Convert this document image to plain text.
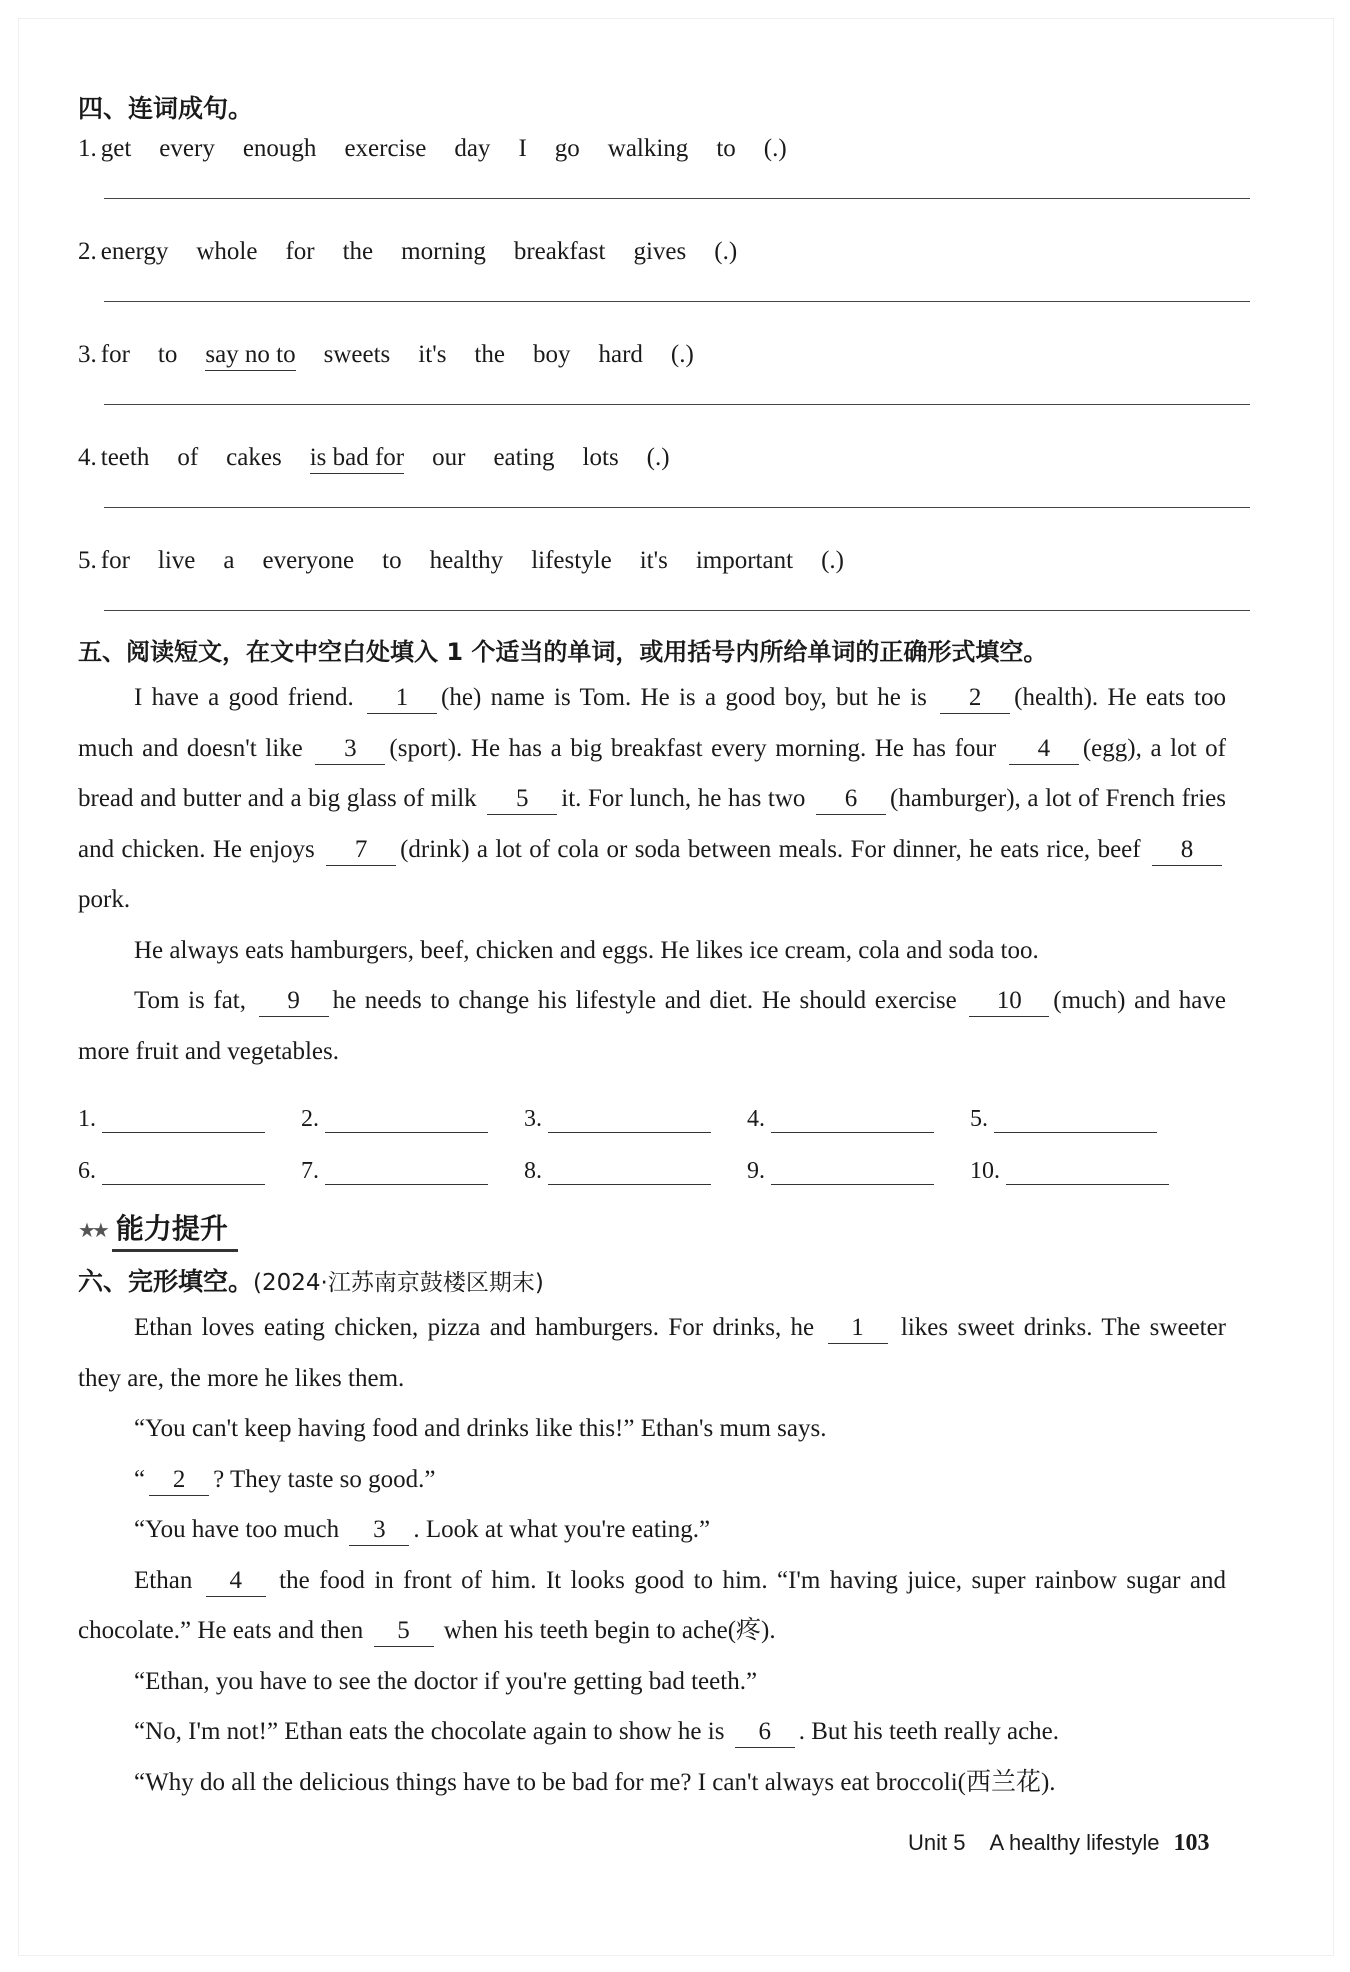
四、连词成句。
1. get every enough exercise day I go walking to (.)
2. energy whole for the morning breakfast gives (.)
3. for to say no to sweets it's the boy hard (.)
4. teeth of cakes is bad for our eating lots (.)
5. for live a everyone to healthy lifestyle it's important (.)
五、阅读短文，在文中空白处填入 1 个适当的单词，或用括号内所给单词的正确形式填空。

I have a good friend. 1 (he) name is Tom. He is a good boy, but he is 2 (health). He eats too much and doesn't like 3 (sport). He has a big breakfast every morning. He has four 4 (egg), a lot of bread and butter and a big glass of milk 5 it. For lunch, he has two 6 (hamburger), a lot of French fries and chicken. He enjoys 7 (drink) a lot of cola or soda between meals. For dinner, he eats rice, beef 8pork.

He always eats hamburgers, beef, chicken and eggs. He likes ice cream, cola and soda too.

Tom is fat, 9 he needs to change his lifestyle and diet. He should exercise 10 (much) and have more fruit and vegetables.

1.	2.	3.	4.	5.
6.	7.	8.	9.	10.
★★ 能力提升
六、完形填空。(2024·江苏南京鼓楼区期末)

Ethan loves eating chicken, pizza and hamburgers. For drinks, he 1 likes sweet drinks. The sweeter they are, the more he likes them.

“You can't keep having food and drinks like this!” Ethan's mum says.

“ 2 ? They taste so good.”

“You have too much 3 . Look at what you're eating.”

Ethan 4 the food in front of him. It looks good to him. “I'm having juice, super rainbow sugar and chocolate.” He eats and then 5 when his teeth begin to ache(疼).

“Ethan, you have to see the doctor if you're getting bad teeth.”

“No, I'm not!” Ethan eats the chocolate again to show he is 6 . But his teeth really ache.

“Why do all the delicious things have to be bad for me? I can't always eat broccoli(西兰花).

Unit 5 A healthy lifestyle 103
